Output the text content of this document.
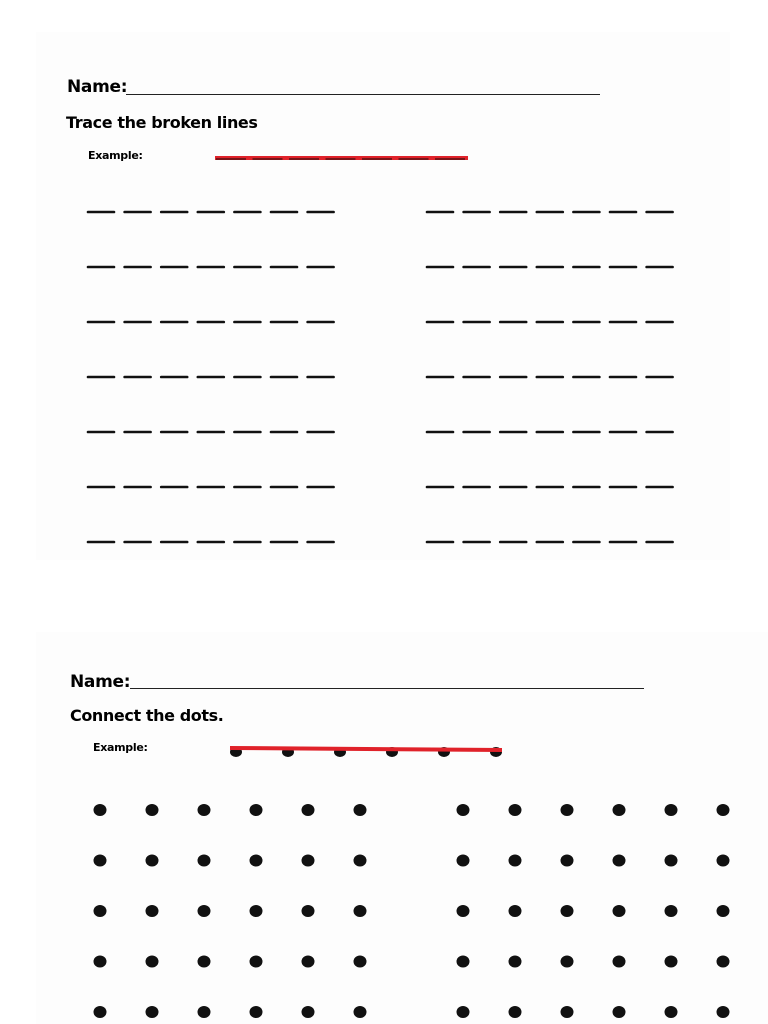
Name:
Trace the broken lines
Example:
Name:
Connect the dots.
Example:
